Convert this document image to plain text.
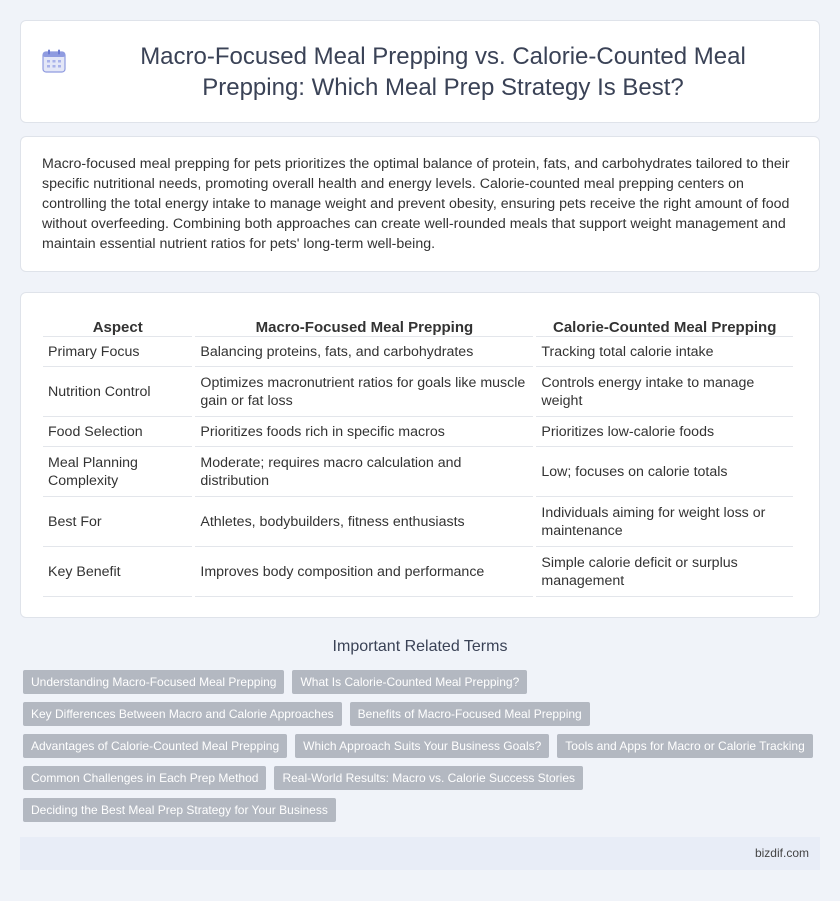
Macro-Focused Meal Prepping vs. Calorie-Counted Meal Prepping: Which Meal Prep Strategy Is Best?

Macro-focused meal prepping for pets prioritizes the optimal balance of protein, fats, and carbohydrates tailored to their specific nutritional needs, promoting overall health and energy levels. Calorie-counted meal prepping centers on controlling the total energy intake to manage weight and prevent obesity, ensuring pets receive the right amount of food without overfeeding. Combining both approaches can create well-rounded meals that support weight management and maintain essential nutrient ratios for pets' long-term well-being.

Aspect	Macro-Focused Meal Prepping	Calorie-Counted Meal Prepping
Primary Focus	Balancing proteins, fats, and carbohydrates	Tracking total calorie intake
Nutrition Control	Optimizes macronutrient ratios for goals like muscle gain or fat loss	Controls energy intake to manage weight
Food Selection	Prioritizes foods rich in specific macros	Prioritizes low-calorie foods
Meal Planning Complexity	Moderate; requires macro calculation and distribution	Low; focuses on calorie totals
Best For	Athletes, bodybuilders, fitness enthusiasts	Individuals aiming for weight loss or maintenance
Key Benefit	Improves body composition and performance	Simple calorie deficit or surplus management
Important Related Terms
Understanding Macro-Focused Meal Prepping	What Is Calorie-Counted Meal Prepping?
Key Differences Between Macro and Calorie Approaches	Benefits of Macro-Focused Meal Prepping
Advantages of Calorie-Counted Meal Prepping	Which Approach Suits Your Business Goals?	Tools and Apps for Macro or Calorie Tracking
Common Challenges in Each Prep Method	Real-World Results: Macro vs. Calorie Success Stories
Deciding the Best Meal Prep Strategy for Your Business
bizdif.com
